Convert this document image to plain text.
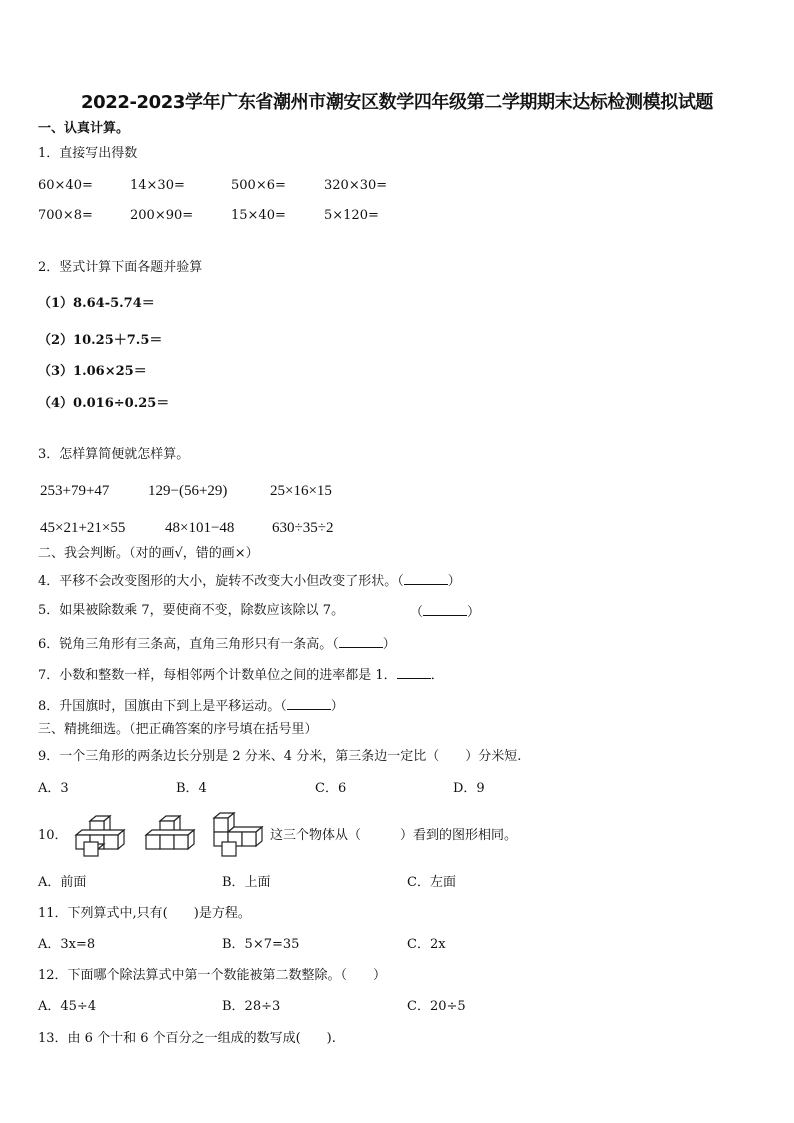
2022-2023学年广东省潮州市潮安区数学四年级第二学期期末达标检测模拟试题
一、认真计算。
1．直接写出得数
60×40=	14×30=	500×6=	320×30=
700×8=	200×90=	15×40=	5×120=
2．竖式计算下面各题并验算
（1）8.64-5.74＝
（2）10.25＋7.5＝
（3）1.06×25＝
（4）0.016÷0.25＝
3．怎样算简便就怎样算。
253+79+47	129−(56+29)	25×16×15
45×21+21×55	48×101−48	630÷35÷2
二、我会判断。（对的画√，错的画×）
4．平移不会改变图形的大小，旋转不改变大小但改变了形状。（	）
5．如果被除数乘 7，要使商不变，除数应该除以 7。	（	）
6．锐角三角形有三条高，直角三角形只有一条高。（	）
7．小数和整数一样，每相邻两个计数单位之间的进率都是 1．	．
8．升国旗时，国旗由下到上是平移运动。（	）
三、精挑细选。（把正确答案的序号填在括号里）
9．一个三角形的两条边长分别是 2 分米、4 分米，第三条边一定比（　　）分米短.
A．3	B．4	C．6	D．9
10．	这三个物体从（　　　）看到的图形相同。
A．前面	B．上面	C．左面
11．下列算式中,只有(　　)是方程。
A．3x=8	B．5×7=35	C．2x
12．下面哪个除法算式中第一个数能被第二数整除。（　　）
A．45÷4	B．28÷3	C．20÷5
13．由 6 个十和 6 个百分之一组成的数写成(　　).
